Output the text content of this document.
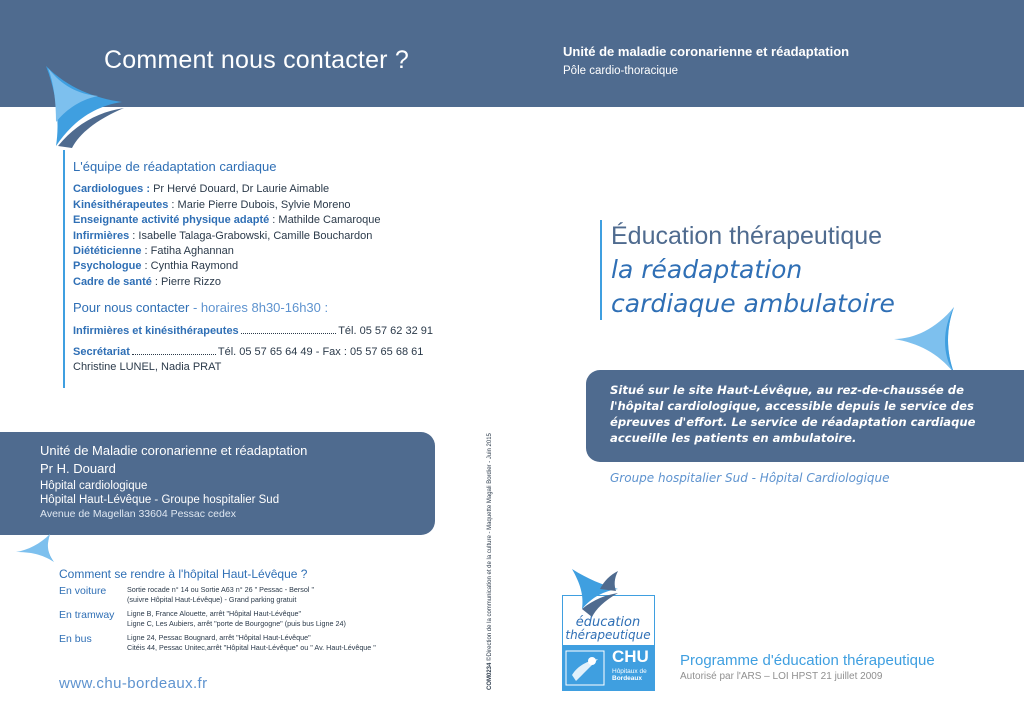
Comment nous contacter ?	Unité de maladie coronarienne et réadaptation
Pôle cardio-thoracique
L'équipe de réadaptation cardiaque
Cardiologues : Pr Hervé Douard, Dr Laurie Aimable
Kinésithérapeutes : Marie Pierre Dubois, Sylvie Moreno
Enseignante activité physique adapté : Mathilde Camaroque
Infirmières : Isabelle Talaga-Grabowski, Camille Bouchardon
Diététicienne : Fatiha Aghannan
Psychologue : Cynthia Raymond
Cadre de santé : Pierre Rizzo
Pour nous contacter - horaires 8h30-16h30 :
Infirmières et kinésithérapeutes	Tél. 05 57 62 32 91
Secrétariat	Tél. 05 57 65 64 49 - Fax : 05 57 65 68 61
Christine LUNEL, Nadia PRAT
Unité de Maladie coronarienne et réadaptation
Pr H. Douard
Hôpital cardiologique
Hôpital Haut-Lévêque - Groupe hospitalier Sud
Avenue de Magellan 33604 Pessac cedex
Comment se rendre à l'hôpital Haut-Lévêque ?
En voiture	Sortie rocade n° 14 ou Sortie A63 n° 26 " Pessac - Bersol "
(suivre Hôpital Haut-Lévêque) - Grand parking gratuit
En tramway	Ligne B, France Alouette, arrêt "Hôpital Haut-Lévêque"
Ligne C, Les Aubiers, arrêt "porte de Bourgogne" (puis bus Ligne 24)
En bus	Ligne 24, Pessac Bougnard, arrêt "Hôpital Haut-Lévêque"
Citéis 44, Pessac Unitec,arrêt "Hôpital Haut-Lévêque" ou " Av. Haut-Lévêque "
www.chu-bordeaux.fr	COM0234 ©Direction de la communication et de la culture - Maquette Magali Bordier - Juin 2015
Éducation thérapeutique
la réadaptation
cardiaque ambulatoire
Situé sur le site Haut-Lévêque, au rez-de-chaussée de l'hôpital cardiologique, accessible depuis le service des épreuves d'effort. Le service de réadaptation cardiaque accueille les patients en ambulatoire.
Groupe hospitalier Sud - Hôpital Cardiologique
éducation
thérapeutique
CHU
Hôpitaux de
Bordeaux
Programme d'éducation thérapeutique
Autorisé par l'ARS – LOI HPST 21 juillet 2009
